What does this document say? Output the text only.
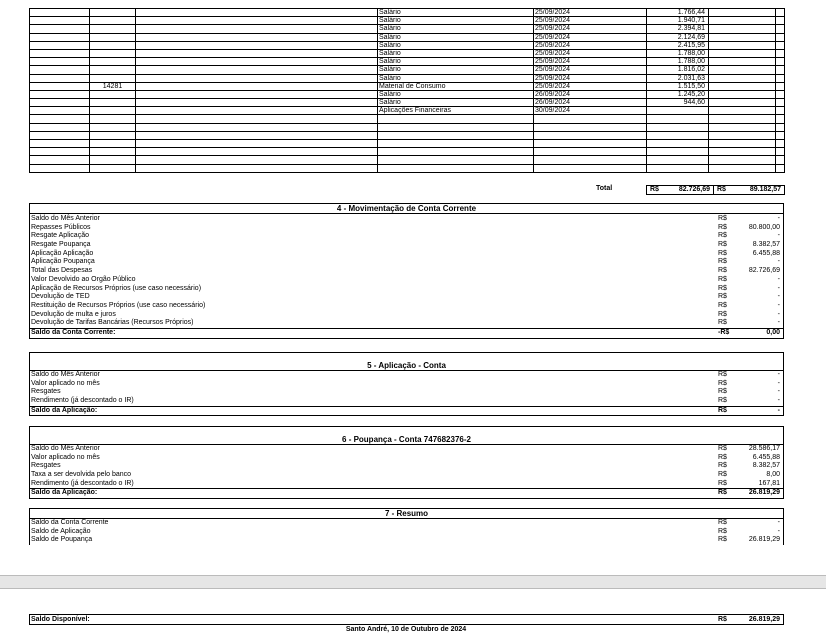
			Salário	25/09/2024	1.766,44		
			Salário	25/09/2024	1.940,71		
			Salário	25/09/2024	2.394,81		
			Salário	25/09/2024	2.124,69		
			Salário	25/09/2024	2.415,95		
			Salário	25/09/2024	1.788,00		
			Salário	25/09/2024	1.788,00		
			Salário	25/09/2024	1.816,02		
			Salário	25/09/2024	2.031,63		
	14281		Material de Consumo	25/09/2024	1.515,50		
			Salário	26/09/2024	1.245,20		
			Salário	26/09/2024	944,60		
			Aplicações Financeiras	30/09/2024			

Total	R$	82.726,69 R$	89.182,57
4 - Movimentação de Conta Corrente
Saldo do Mês Anterior	R$	-
Repasses Públicos	R$	80.800,00
Resgate Aplicação	R$	-
Resgate Poupança	R$	8.382,57
Aplicação Aplicação	R$	6.455,88
Aplicação Poupança	R$	-
Total das Despesas	R$	82.726,69
Valor Devolvido ao Orgão Público	R$	-
Aplicação de Recursos Próprios (use caso necessário)	R$	-
Devolução de TED	R$	-
Restituição de Recursos Próprios (use caso necessário)	R$	-
Devolução de multa e juros	R$	-
Devolução de Tarifas Bancárias (Recursos Próprios)	R$	-
Saldo da Conta Corrente:	-R$	0,00
5 - Aplicação - Conta
Saldo do Mês Anterior	R$	-
Valor aplicado no mês	R$	-
Resgates	R$	-
Rendimento (já descontado o IR)	R$	-
Saldo da Aplicação:	R$	-
6 - Poupança - Conta 747682376-2
Saldo do Mês Anterior	R$	28.586,17
Valor aplicado no mês	R$	6.455,88
Resgates	R$	8.382,57
Taxa a ser devolvida pelo banco	R$	8,00
Rendimento (já descontado o IR)	R$	167,81
Saldo da Aplicação:	R$	26.819,29
7 - Resumo
Saldo da Conta Corrente	R$	-
Saldo de Aplicação	R$	-
Saldo de Poupança	R$	26.819,29
Saldo Disponível:	R$	26.819,29
Santo André, 10 de Outubro de 2024
